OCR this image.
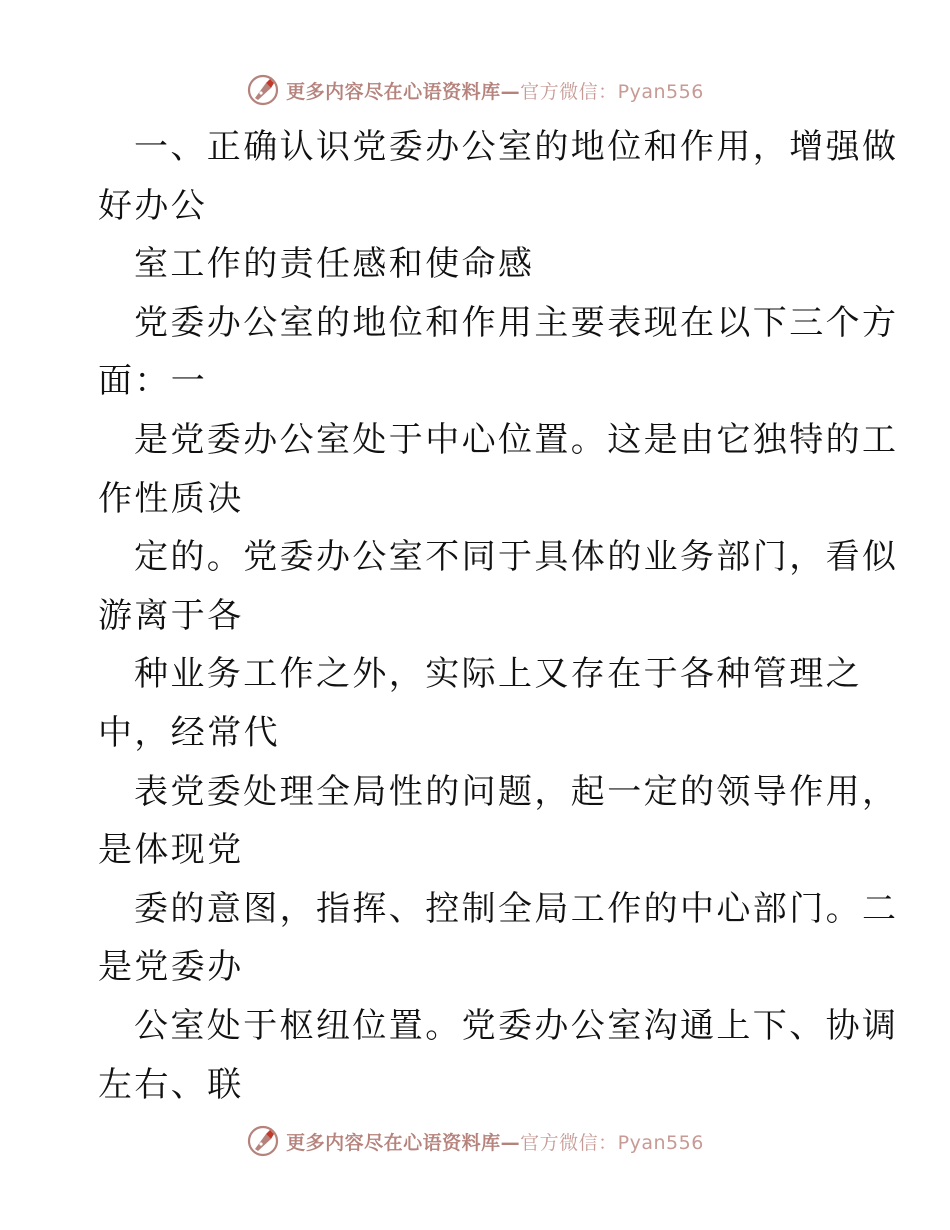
更多内容尽在心语资料库— 官方微信：Pyan556
一、正确认识党委办公室的地位和作用，增强做
好办公
室工作的责任感和使命感
党委办公室的地位和作用主要表现在以下三个方
面：一
是党委办公室处于中心位置。这是由它独特的工
作性质决
定的。党委办公室不同于具体的业务部门，看似
游离于各
种业务工作之外，实际上又存在于各种管理之
中，经常代
表党委处理全局性的问题，起一定的领导作用，
是体现党
委的意图，指挥、控制全局工作的中心部门。二
是党委办
公室处于枢纽位置。党委办公室沟通上下、协调
左右、联
更多内容尽在心语资料库— 官方微信：Pyan556
